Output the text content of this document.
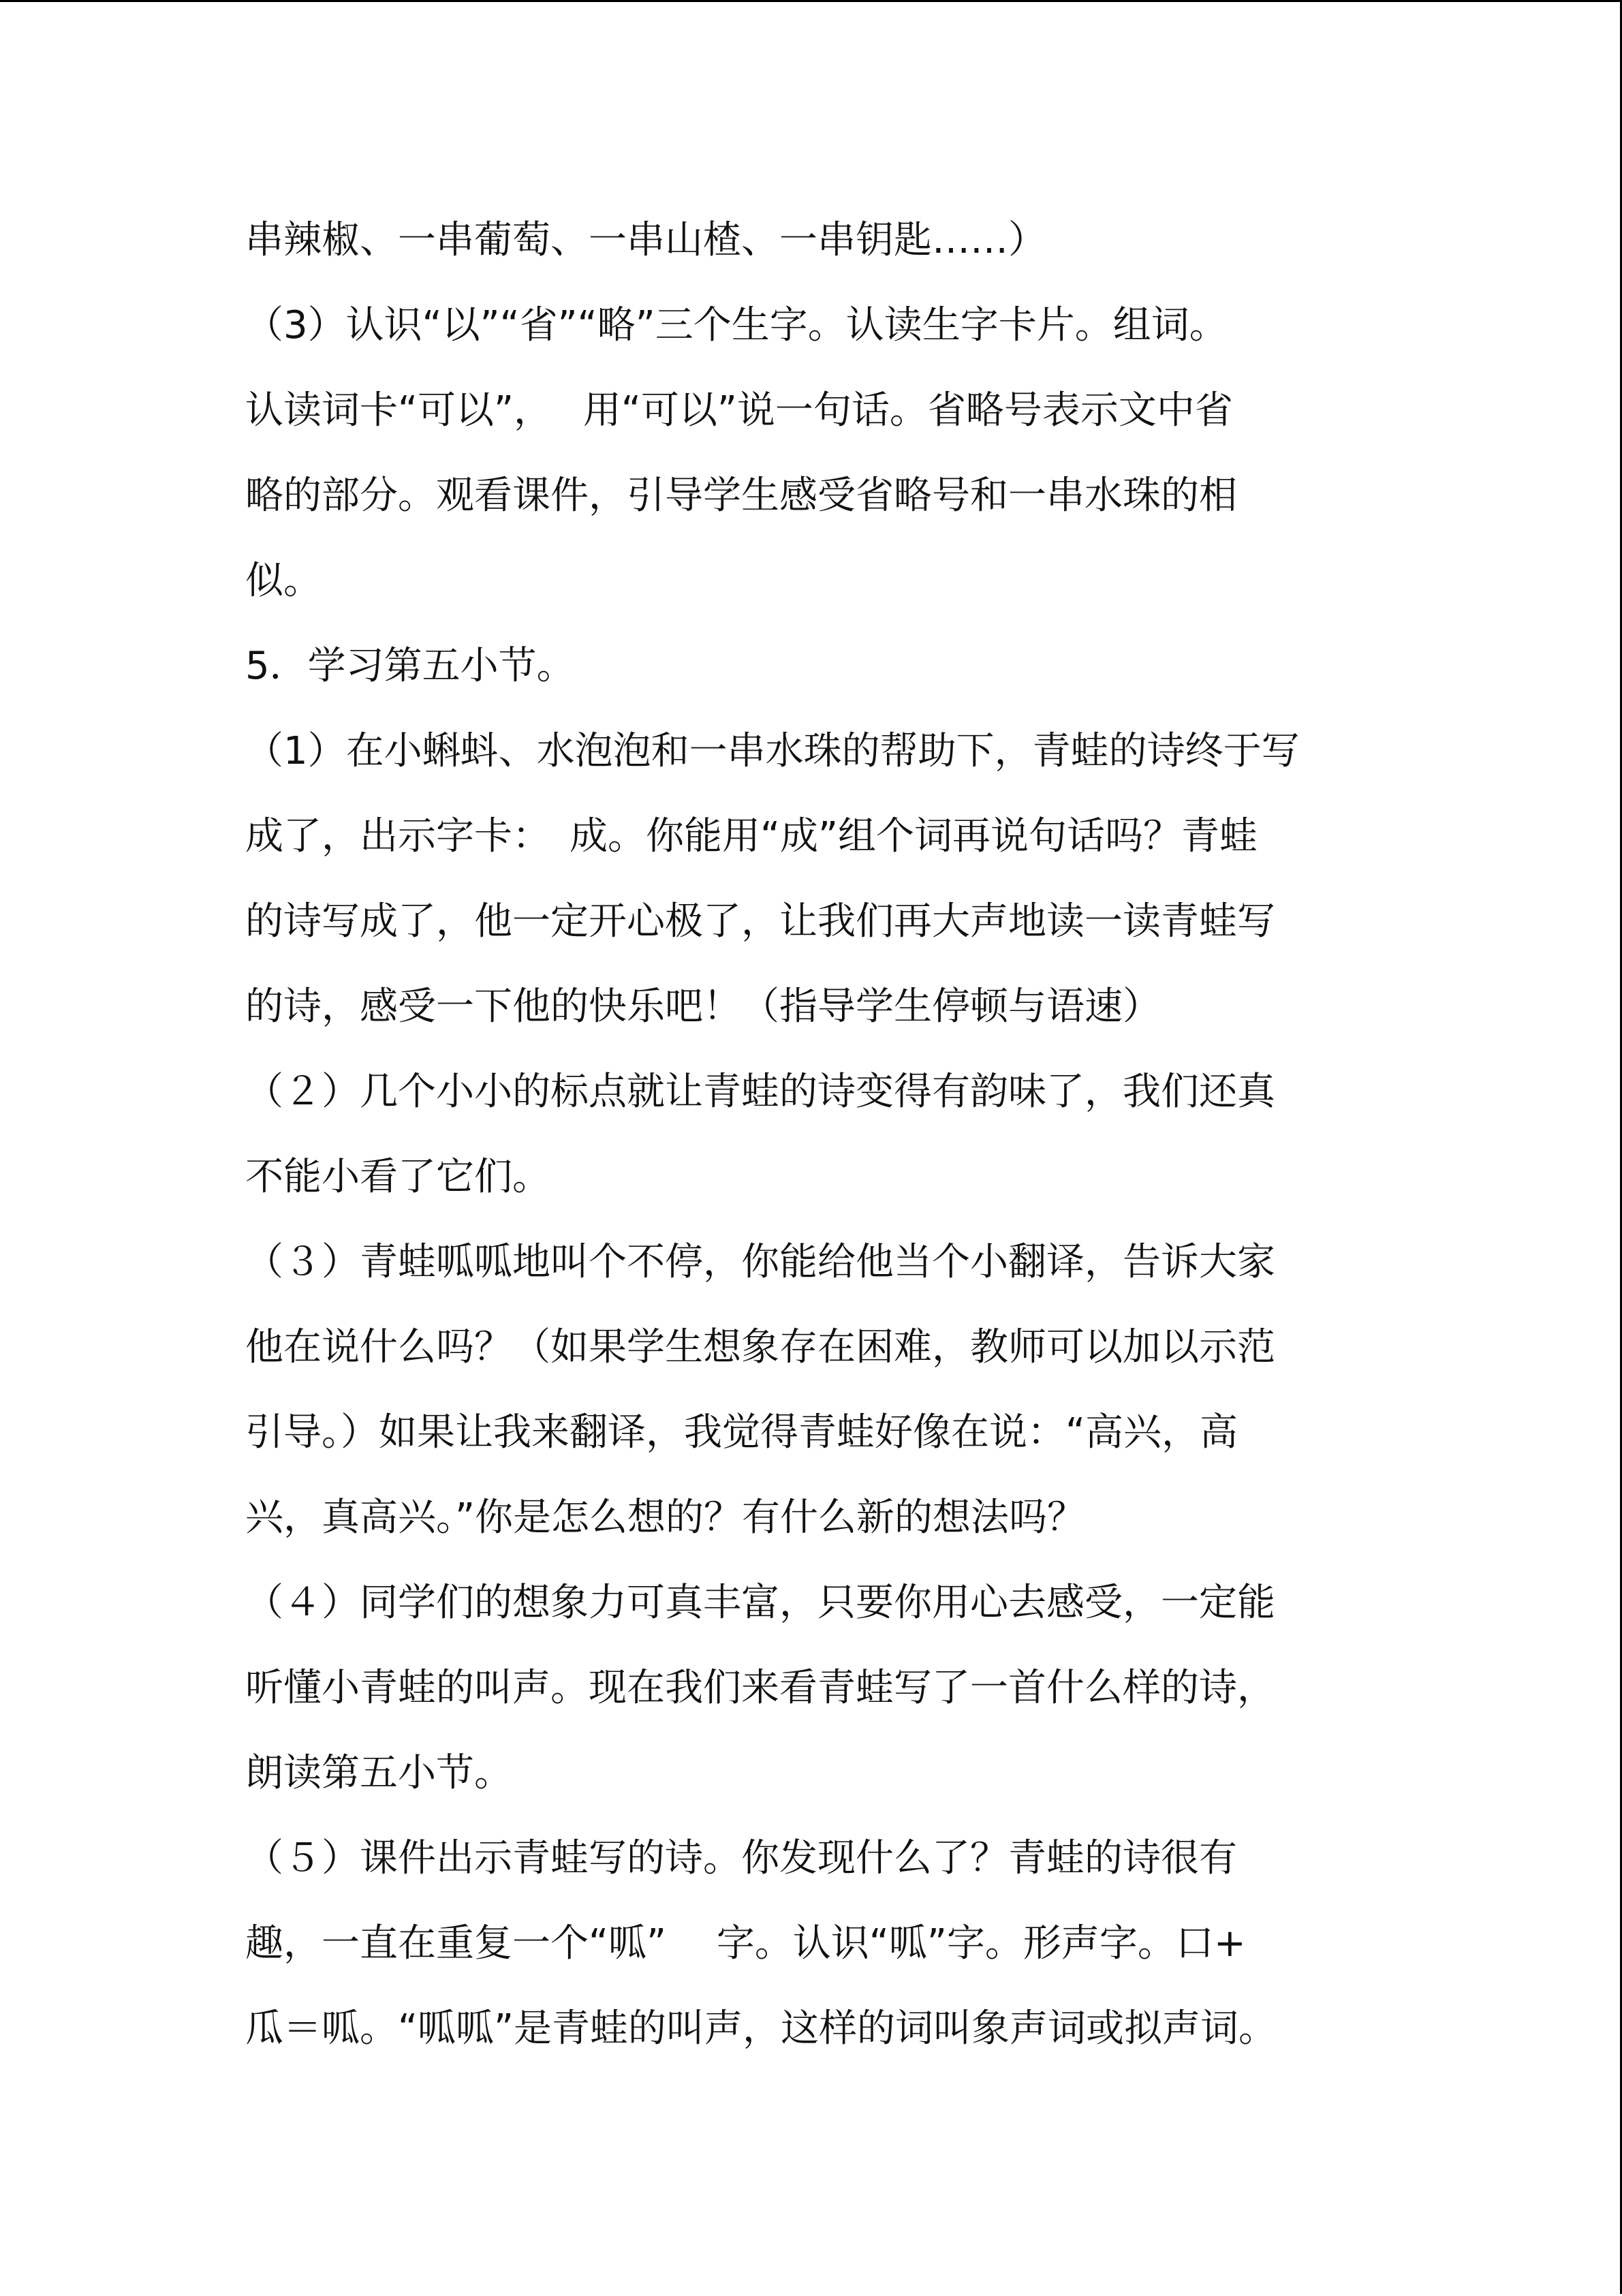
串辣椒、一串葡萄、一串山楂、一串钥匙……）
（3）认识“以”“省”“略”三个生字。认读生字卡片。组词。
认读词卡“可以”，　 用“可以”说一句话。省略号表示文中省
略的部分。观看课件，引导学生感受省略号和一串水珠的相
似。
5．学习第五小节。
（1）在小蝌蚪、水泡泡和一串水珠的帮助下，青蛙的诗终于写
成了，出示字卡：　成。你能用“成”组个词再说句话吗？青蛙
的诗写成了，他一定开心极了，让我们再大声地读一读青蛙写
的诗，感受一下他的快乐吧！（指导学生停顿与语速）
（２）几个小小的标点就让青蛙的诗变得有韵味了，我们还真
不能小看了它们。
（３）青蛙呱呱地叫个不停，你能给他当个小翻译，告诉大家
他在说什么吗？（如果学生想象存在困难，教师可以加以示范
引导。）如果让我来翻译，我觉得青蛙好像在说：“高兴，高
兴，真高兴。”你是怎么想的？有什么新的想法吗？
（４）同学们的想象力可真丰富，只要你用心去感受，一定能
听懂小青蛙的叫声。现在我们来看青蛙写了一首什么样的诗，
朗读第五小节。
（５）课件出示青蛙写的诗。你发现什么了？青蛙的诗很有
趣，一直在重复一个“呱”　 字。认识“呱”字。形声字。口+
瓜＝呱。“呱呱”是青蛙的叫声，这样的词叫象声词或拟声词。
